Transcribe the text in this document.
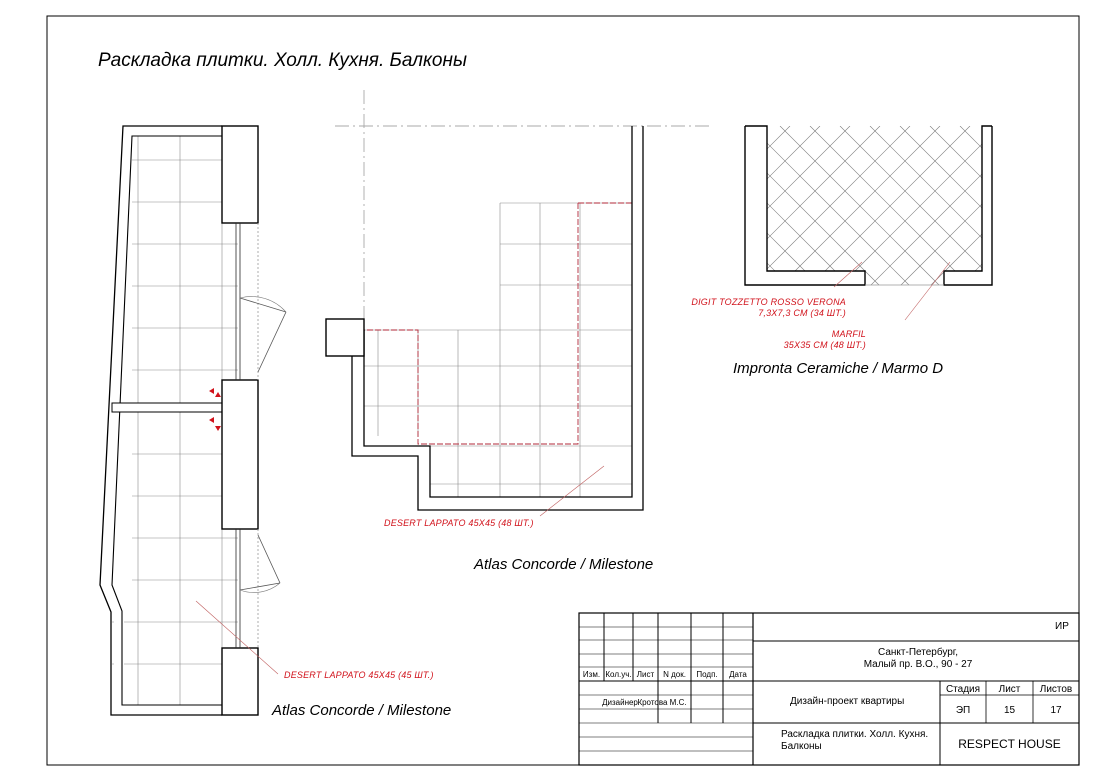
Раскладка плитки. Холл. Кухня. Балконы
Atlas Concorde / Milestone
Atlas Concorde / Milestone
Impronta Ceramiche / Marmo D
DESERT LAPPATO 45X45 (45 ШТ.)
DESERT LAPPATO 45X45 (48 ШТ.)
DIGIT TOZZETTO ROSSO VERONA
7,3X7,3 CM (34 ШТ.)
MARFIL
35X35 CM (48 ШТ.)
ИР
Санкт-Петербург,
Малый пр. В.О., 90 - 27
Изм. Кол.уч. Лист	N док.	Подп.	Дата
Дизайнер Кротова М.С.	Дизайн-проект квартиры
Стадия	Лист	Листов
ЭП	15	17
Раскладка плитки. Холл. Кухня.
Балконы	RESPECT HOUSE
